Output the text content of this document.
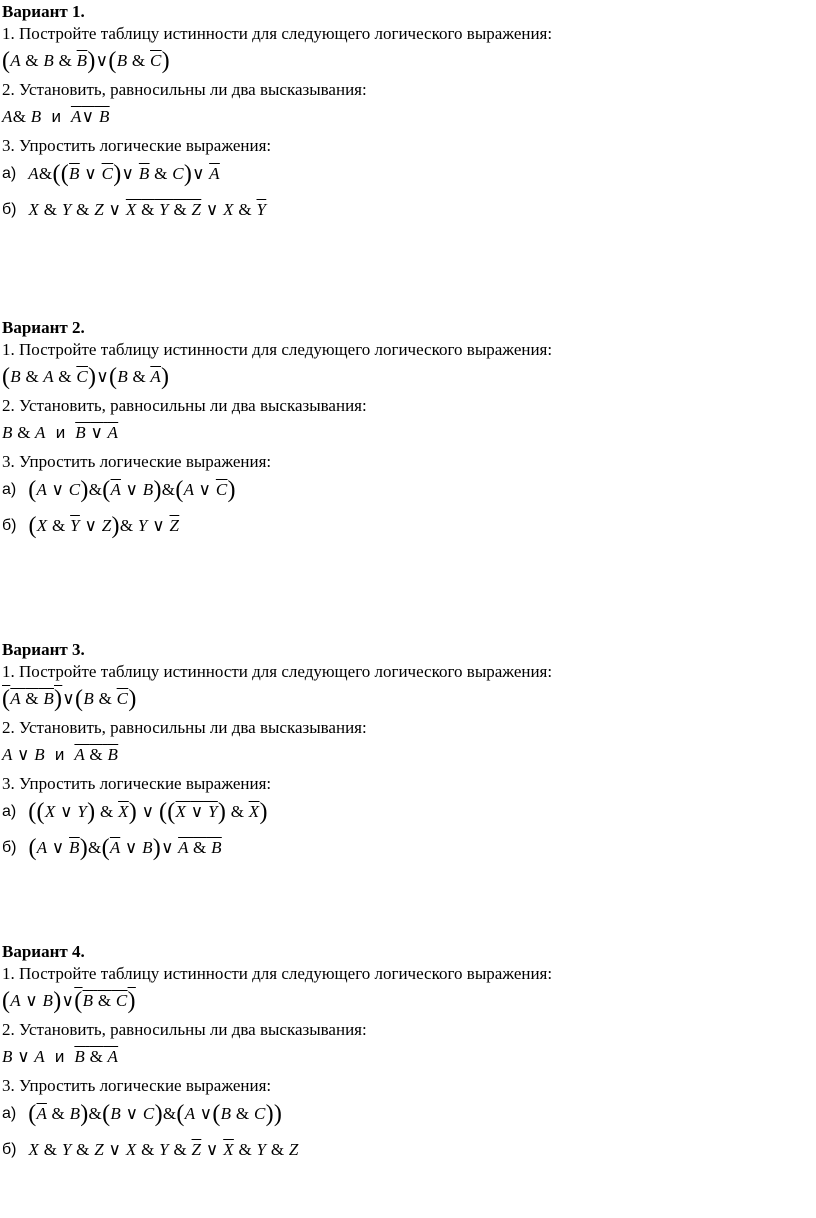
Вариант 1.
1. Постройте таблицу истинности для следующего логического выражения:
(A & B & $\overline{B})\vee(B$ & $\overline{C}$)
2. Установить, равносильны ли два высказывания:
A& B и A∨ B
3. Упростить логические выражения:
а) $A\&((\overline{B}$ ∨ $\overline{C})\vee$ $\overline{B}$ & C)∨ $\overline{A}$
б) X & Y & Z ∨ X & Y & Z ∨ X & $\overline{Y}$
Вариант 2.
1. Постройте таблицу истинности для следующего логического выражения:
(B & A & $\overline{C})\vee(B$ & $\overline{A}$)
2. Установить, равносильны ли два высказывания:
B & A и B ∨ A
3. Упростить логические выражения:
а) (A ∨ $C)\&(\overline{A}$ ∨ B)&(A ∨ $\overline{C}$)
б) (X & $\overline{Y}$ ∨ Z)& Y ∨ $\overline{Z}$
Вариант 3.
1. Постройте таблицу истинности для следующего логического выражения:
(A & B)∨(B & $\overline{C}$)
2. Установить, равносильны ли два высказывания:
A ∨ B и A & B
3. Упростить логические выражения:
а) ((X ∨ Y) & $\overline{X}$) ∨ ((X ∨ Y) & X)
б) (A ∨ $\overline{B})\&(\overline{A}$ ∨ B)∨ A & B
Вариант 4.
1. Постройте таблицу истинности для следующего логического выражения:
(A ∨ B)∨(B & C)
2. Установить, равносильны ли два высказывания:
B ∨ A и B & A
3. Упростить логические выражения:
а) ($\overline{A}$ & B)&(B ∨ C)&(A ∨(B & C))
б) X & Y & Z ∨ X & Y & $\overline{Z}$ ∨ $\overline{X}$ & Y & Z
